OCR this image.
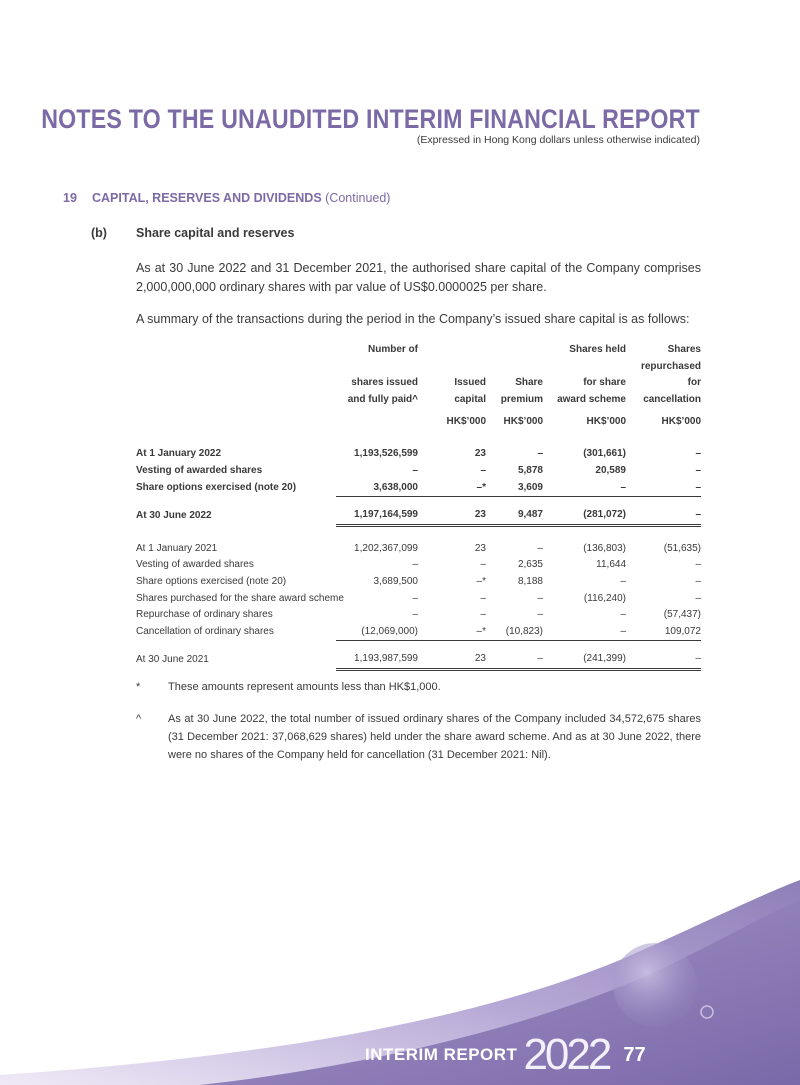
NOTES TO THE UNAUDITED INTERIM FINANCIAL REPORT
(Expressed in Hong Kong dollars unless otherwise indicated)
19 CAPITAL, RESERVES AND DIVIDENDS (Continued)
(b) Share capital and reserves
As at 30 June 2022 and 31 December 2021, the authorised share capital of the Company comprises 2,000,000,000 ordinary shares with par value of US$0.0000025 per share.
A summary of the transactions during the period in the Company’s issued share capital is as follows:
	Number of			Shares held	Shares
	shares issued	Issued	Share	for share	repurchased for
	and fully paid^	capital	premium	award scheme	cancellation
		HK$’000	HK$’000	HK$’000	HK$’000

At 1 January 2022	1,193,526,599	23	–	(301,661)	–
Vesting of awarded shares	–	–	5,878	20,589	–
Share options exercised (note 20)	3,638,000	–*	3,609	–	–

At 30 June 2022	1,197,164,599	23	9,487	(281,072)	–

At 1 January 2021	1,202,367,099	23	–	(136,803)	(51,635)
Vesting of awarded shares	–	–	2,635	11,644	–
Share options exercised (note 20)	3,689,500	–*	8,188	–	–
Shares purchased for the share award scheme	–	–	–	(116,240)	–
Repurchase of ordinary shares	–	–	–	–	(57,437)
Cancellation of ordinary shares	(12,069,000)	–*	(10,823)	–	109,072

At 30 June 2021	1,193,987,599	23	–	(241,399)	–
*	These amounts represent amounts less than HK$1,000.
^ As at 30 June 2022, the total number of issued ordinary shares of the Company included 34,572,675 shares (31 December 2021: 37,068,629 shares) held under the share award scheme. And as at 30 June 2022, there were no shares of the Company held for cancellation (31 December 2021: Nil).
INTERIM REPORT 2022 77
